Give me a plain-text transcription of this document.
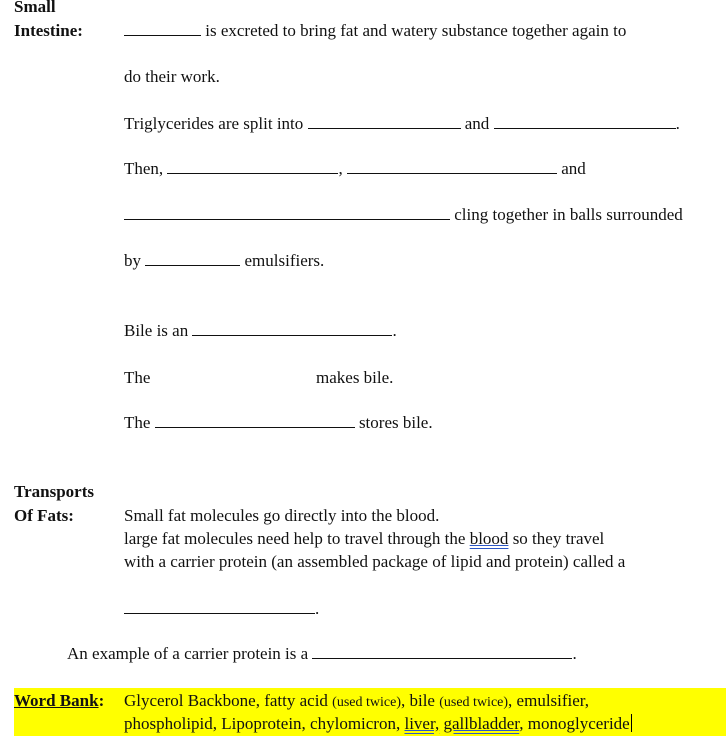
Small
Intestine:	is excreted to bring fat and watery substance together again to
do their work.
Triglycerides are split into	and	.
Then,	,	and
cling together in balls surrounded
by	emulsifiers.
Bile is an	.
The	makes bile.
The	stores bile.
Transports
Of Fats:	Small fat molecules go directly into the blood.
large fat molecules need help to travel through the blood so they travel
with a carrier protein (an assembled package of lipid and protein) called a
.
An example of a carrier protein is a	.
Word Bank: Glycerol Backbone, fatty acid (used twice), bile (used twice), emulsifier,
phospholipid, Lipoprotein, chylomicron, liver, gallbladder, monoglyceride
